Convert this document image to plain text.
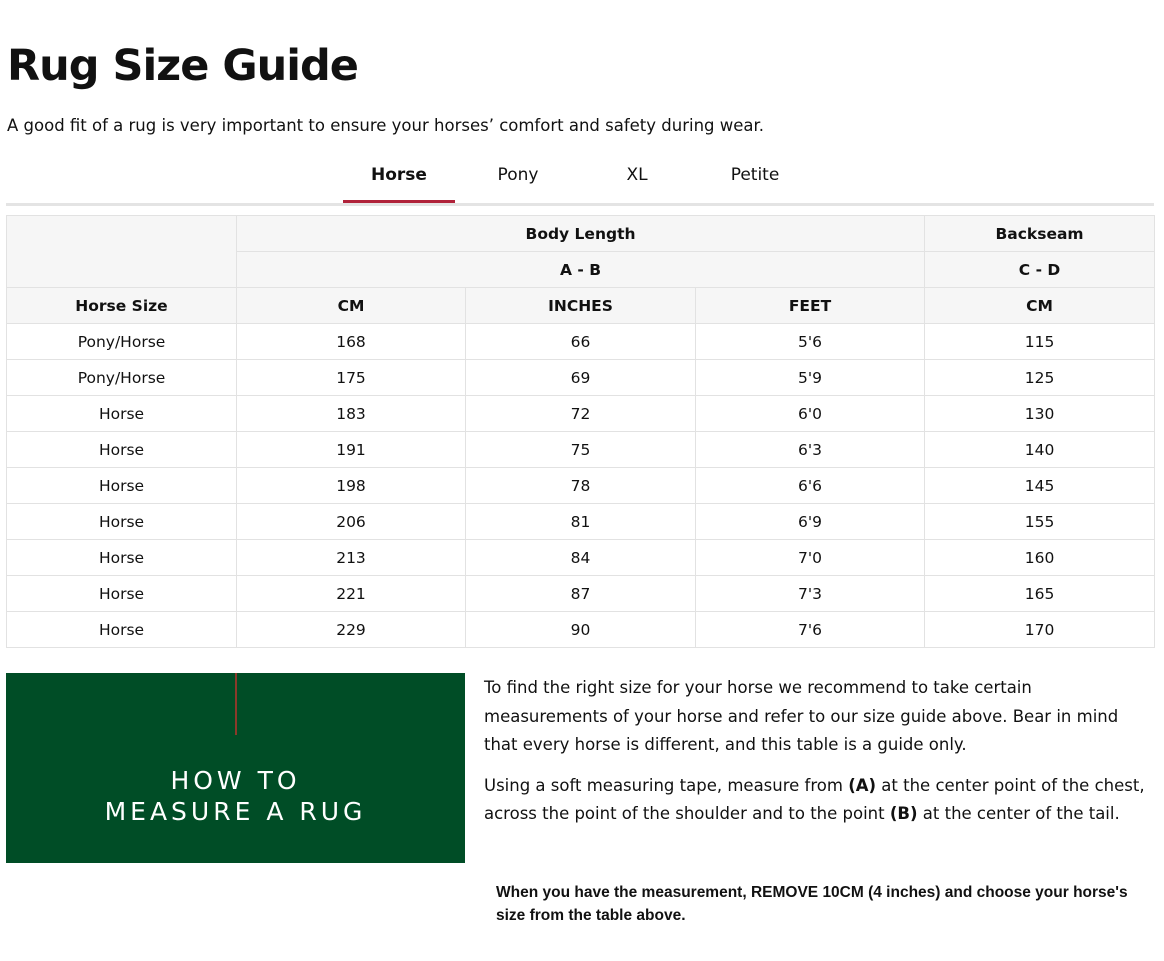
Rug Size Guide

A good fit of a rug is very important to ensure your horses’ comfort and safety during wear.

Horse	Pony	XL	Petite
	Body Length			Backseam
	A - B			C - D
Horse Size	CM	INCHES	FEET	CM
Pony/Horse	168	66	5'6	115
Pony/Horse	175	69	5'9	125
Horse	183	72	6'0	130
Horse	191	75	6'3	140
Horse	198	78	6'6	145
Horse	206	81	6'9	155
Horse	213	84	7'0	160
Horse	221	87	7'3	165
Horse	229	90	7'6	170
HOW TO
MEASURE A RUG

To find the right size for your horse we recommend to take certain measurements of your horse and refer to our size guide above. Bear in mind that every horse is different, and this table is a guide only.

Using a soft measuring tape, measure from (A) at the center point of the chest, across the point of the shoulder and to the point (B) at the center of the tail.

When you have the measurement, REMOVE 10CM (4 inches) and choose your horse's size from the table above.
